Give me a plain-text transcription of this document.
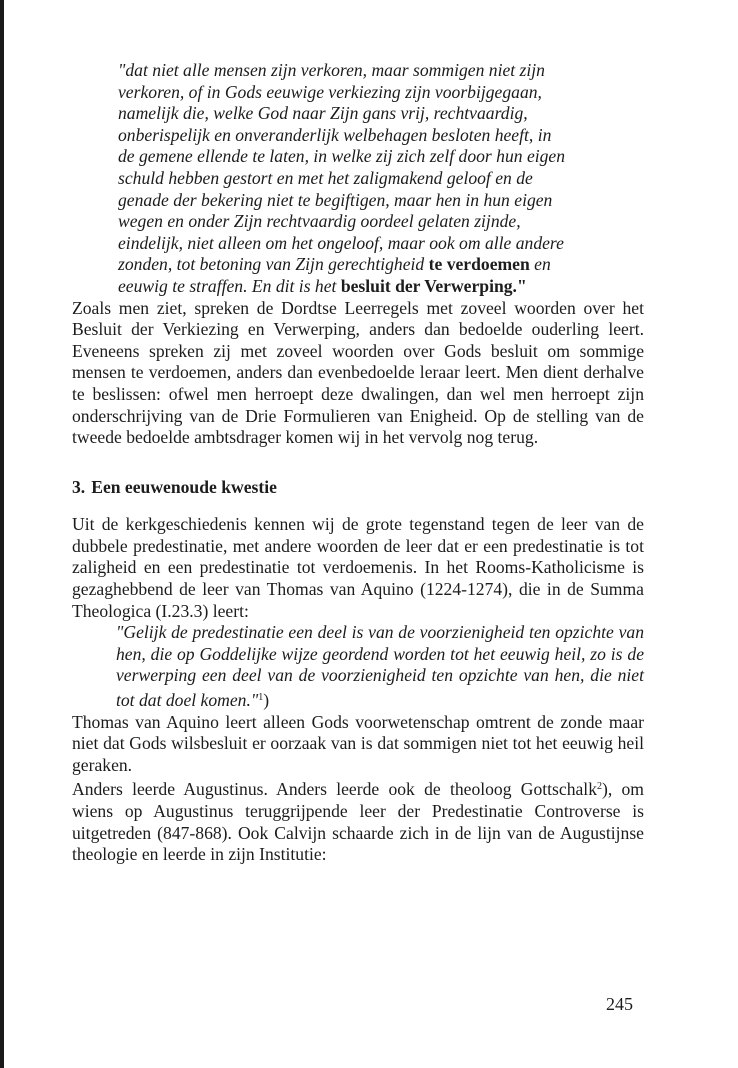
"dat niet alle mensen zijn verkoren, maar sommigen niet zijn
verkoren, of in Gods eeuwige verkiezing zijn voorbijgegaan,
namelijk die, welke God naar Zijn gans vrij, rechtvaardig,
onberispelijk en onveranderlijk welbehagen besloten heeft, in
de gemene ellende te laten, in welke zij zich zelf door hun eigen
schuld hebben gestort en met het zaligmakend geloof en de
genade der bekering niet te begiftigen, maar hen in hun eigen
wegen en onder Zijn rechtvaardig oordeel gelaten zijnde,
eindelijk, niet alleen om het ongeloof, maar ook om alle andere
zonden, tot betoning van Zijn gerechtigheid te verdoemen en
eeuwig te straffen. En dit is het besluit der Verwerping."

Zoals men ziet, spreken de Dordtse Leerregels met zoveel woorden over het Besluit der Verkiezing en Verwerping, anders dan bedoelde ouderling leert. Eveneens spreken zij met zoveel woorden over Gods besluit om sommige mensen te verdoemen, anders dan evenbedoelde leraar leert. Men dient derhalve te beslissen: ofwel men herroept deze dwalingen, dan wel men herroept zijn onderschrijving van de Drie Formulieren van Enigheid. Op de stelling van de tweede bedoelde ambtsdrager komen wij in het vervolg nog terug.

3. Een eeuwenoude kwestie

Uit de kerkgeschiedenis kennen wij de grote tegenstand tegen de leer van de dubbele predestinatie, met andere woorden de leer dat er een predestinatie is tot zaligheid en een predestinatie tot verdoemenis. In het Rooms-Katholicisme is gezaghebbend de leer van Thomas van Aquino (1224-1274), die in de Summa Theologica (I.23.3) leert:

"Gelijk de predestinatie een deel is van de voorzienigheid ten opzichte van hen, die op Goddelijke wijze geordend worden tot het eeuwig heil, zo is de verwerping een deel van de voorzienigheid ten opzichte van hen, die niet tot dat doel komen."$^1$)

Thomas van Aquino leert alleen Gods voorwetenschap omtrent de zonde maar niet dat Gods wilsbesluit er oorzaak van is dat sommigen niet tot het eeuwig heil geraken.

Anders leerde Augustinus. Anders leerde ook de theoloog Gottschalk$^2$), om wiens op Augustinus teruggrijpende leer der Predestinatie Controverse is uitgetreden (847-868). Ook Calvijn schaarde zich in de lijn van de Augustijnse theologie en leerde in zijn Institutie:

245
